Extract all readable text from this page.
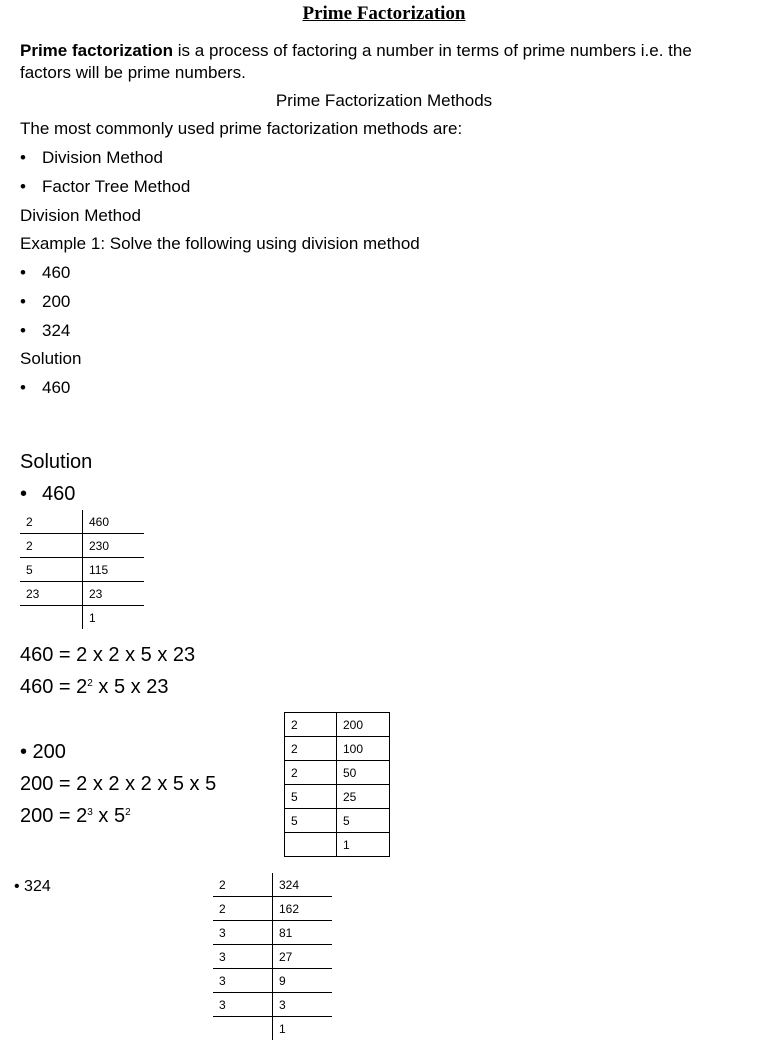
Prime Factorization
Prime factorization is a process of factoring a number in terms of prime numbers i.e. the factors will be prime numbers.
Prime Factorization Methods
The most commonly used prime factorization methods are:
• Division Method
• Factor Tree Method
Division Method
Example 1: Solve the following using division method
• 460
• 200
• 324
Solution
• 460
Solution
• 460
2	460
2	230
5	115
23	23
	1
460 = 2 x 2 x 5 x 23
$460 = 2^2$ x 5 x 23
2	200
2	100
2	50
5	25
5	5
	1
• 200
200 = 2 x 2 x 2 x 5 x 5
$200 = 2^3$ x $5^2$
• 324	2	324
2	162
3	81
3	27
3	9
3	3
	1
